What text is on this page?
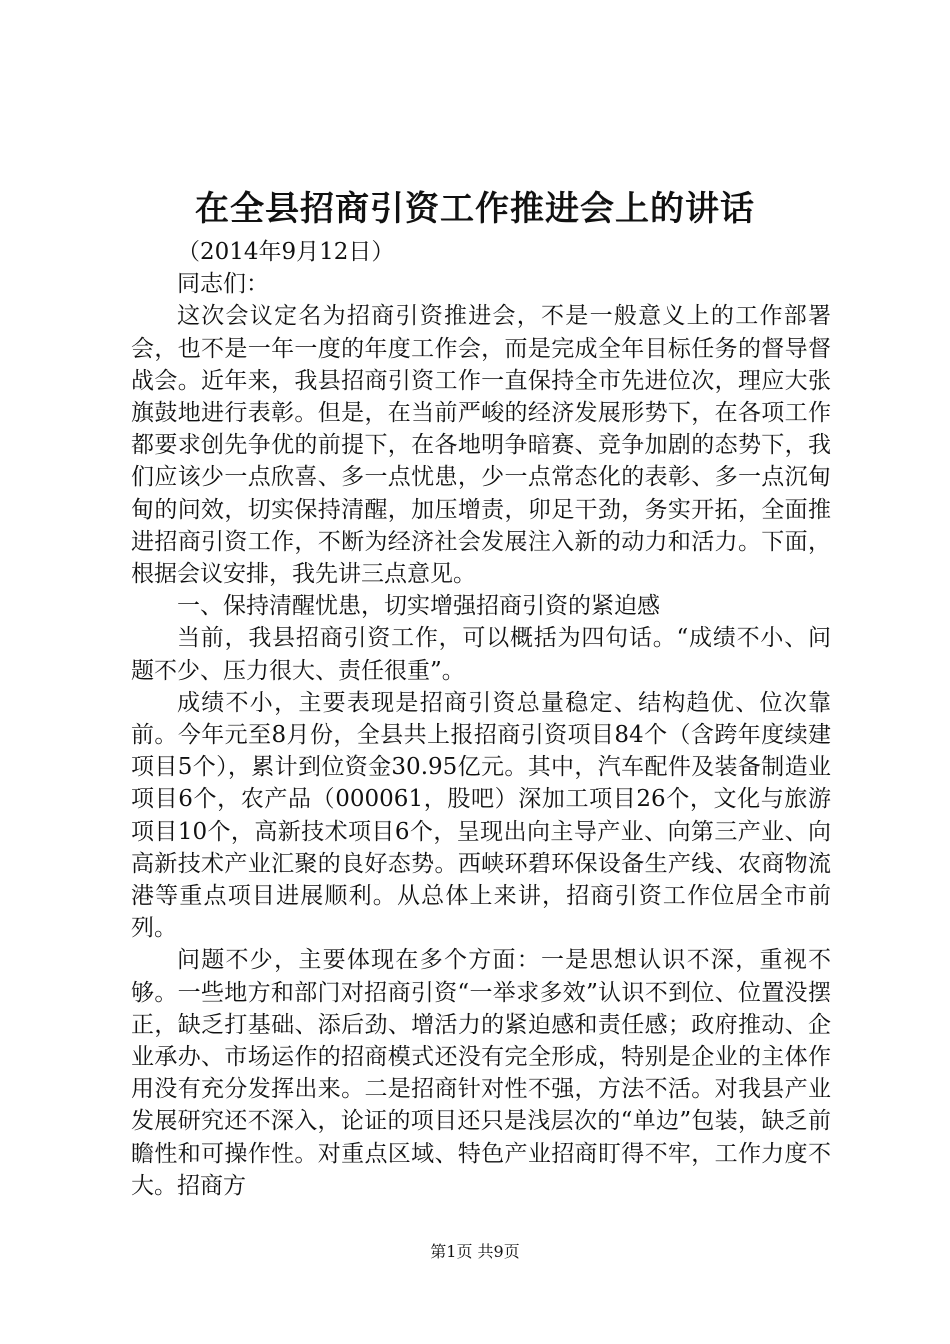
在全县招商引资工作推进会上的讲话

（2014年9月12日）

同志们：

这次会议定名为招商引资推进会，不是一般意义上的工作部署会，也不是一年一度的年度工作会，而是完成全年目标任务的督导督战会。近年来，我县招商引资工作一直保持全市先进位次，理应大张旗鼓地进行表彰。但是，在当前严峻的经济发展形势下，在各项工作都要求创先争优的前提下，在各地明争暗赛、竞争加剧的态势下，我们应该少一点欣喜、多一点忧患，少一点常态化的表彰、多一点沉甸甸的问效，切实保持清醒，加压增责，卯足干劲，务实开拓，全面推进招商引资工作，不断为经济社会发展注入新的动力和活力。下面，根据会议安排，我先讲三点意见。

一、保持清醒忧患，切实增强招商引资的紧迫感

当前，我县招商引资工作，可以概括为四句话。“成绩不小、问题不少、压力很大、责任很重”。

成绩不小，主要表现是招商引资总量稳定、结构趋优、位次靠前。今年元至8月份，全县共上报招商引资项目84个（含跨年度续建项目5个），累计到位资金30.95亿元。其中，汽车配件及装备制造业项目6个，农产品（000061，股吧）深加工项目26个，文化与旅游项目10个，高新技术项目6个，呈现出向主导产业、向第三产业、向高新技术产业汇聚的良好态势。西峡环碧环保设备生产线、农商物流港等重点项目进展顺利。从总体上来讲，招商引资工作位居全市前列。

问题不少，主要体现在多个方面：一是思想认识不深，重视不够。一些地方和部门对招商引资“一举求多效”认识不到位、位置没摆正，缺乏打基础、添后劲、增活力的紧迫感和责任感；政府推动、企业承办、市场运作的招商模式还没有完全形成，特别是企业的主体作用没有充分发挥出来。二是招商针对性不强，方法不活。对我县产业发展研究还不深入，论证的项目还只是浅层次的“单边”包装，缺乏前瞻性和可操作性。对重点区域、特色产业招商盯得不牢，工作力度不大。招商方

第1页 共9页
